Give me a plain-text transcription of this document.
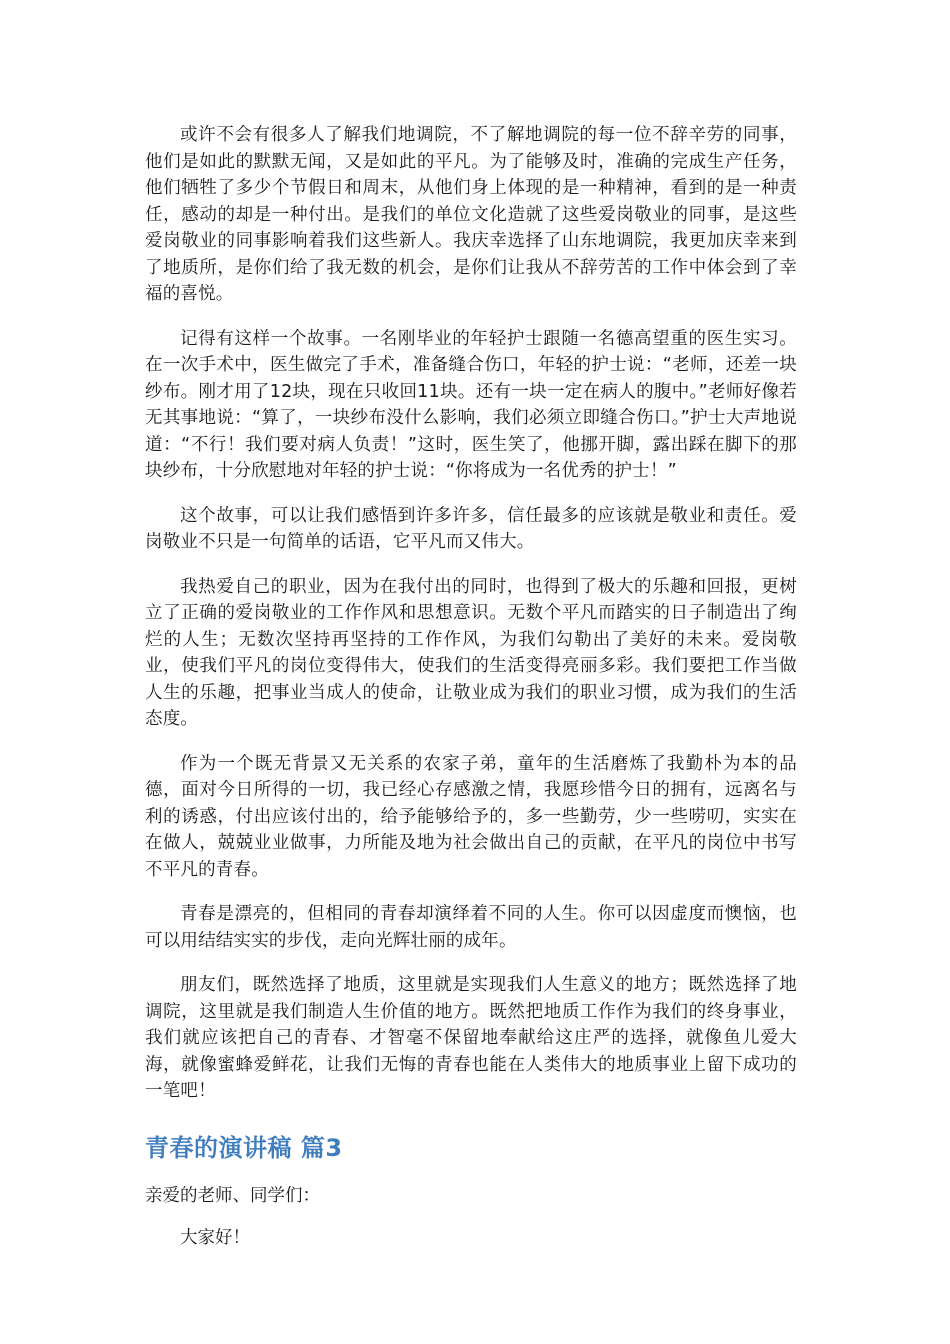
或许不会有很多人了解我们地调院，不了解地调院的每一位不辞辛劳的同事，他们是如此的默默无闻，又是如此的平凡。为了能够及时，准确的完成生产任务，他们牺牲了多少个节假日和周末，从他们身上体现的是一种精神，看到的是一种责任，感动的却是一种付出。是我们的单位文化造就了这些爱岗敬业的同事，是这些爱岗敬业的同事影响着我们这些新人。我庆幸选择了山东地调院，我更加庆幸来到了地质所，是你们给了我无数的机会，是你们让我从不辞劳苦的工作中体会到了幸福的喜悦。

记得有这样一个故事。一名刚毕业的年轻护士跟随一名德高望重的医生实习。在一次手术中，医生做完了手术，准备缝合伤口，年轻的护士说：“老师，还差一块纱布。刚才用了12块，现在只收回11块。还有一块一定在病人的腹中。”老师好像若无其事地说：“算了，一块纱布没什么影响，我们必须立即缝合伤口。”护士大声地说道：“不行！我们要对病人负责！”这时，医生笑了，他挪开脚，露出踩在脚下的那块纱布，十分欣慰地对年轻的护士说：“你将成为一名优秀的护士！”

这个故事，可以让我们感悟到许多许多，信任最多的应该就是敬业和责任。爱岗敬业不只是一句简单的话语，它平凡而又伟大。

我热爱自己的职业，因为在我付出的同时，也得到了极大的乐趣和回报，更树立了正确的爱岗敬业的工作作风和思想意识。无数个平凡而踏实的日子制造出了绚烂的人生；无数次坚持再坚持的工作作风，为我们勾勒出了美好的未来。爱岗敬业，使我们平凡的岗位变得伟大，使我们的生活变得亮丽多彩。我们要把工作当做人生的乐趣，把事业当成人的使命，让敬业成为我们的职业习惯，成为我们的生活态度。

作为一个既无背景又无关系的农家子弟，童年的生活磨炼了我勤朴为本的品德，面对今日所得的一切，我已经心存感激之情，我愿珍惜今日的拥有，远离名与利的诱惑，付出应该付出的，给予能够给予的，多一些勤劳，少一些唠叨，实实在在做人，兢兢业业做事，力所能及地为社会做出自己的贡献，在平凡的岗位中书写不平凡的青春。

青春是漂亮的，但相同的青春却演绎着不同的人生。你可以因虚度而懊恼，也可以用结结实实的步伐，走向光辉壮丽的成年。

朋友们，既然选择了地质，这里就是实现我们人生意义的地方；既然选择了地调院，这里就是我们制造人生价值的地方。既然把地质工作作为我们的终身事业，我们就应该把自己的青春、才智毫不保留地奉献给这庄严的选择，就像鱼儿爱大海，就像蜜蜂爱鲜花，让我们无悔的青春也能在人类伟大的地质事业上留下成功的一笔吧！

青春的演讲稿 篇3

亲爱的老师、同学们：

大家好！
